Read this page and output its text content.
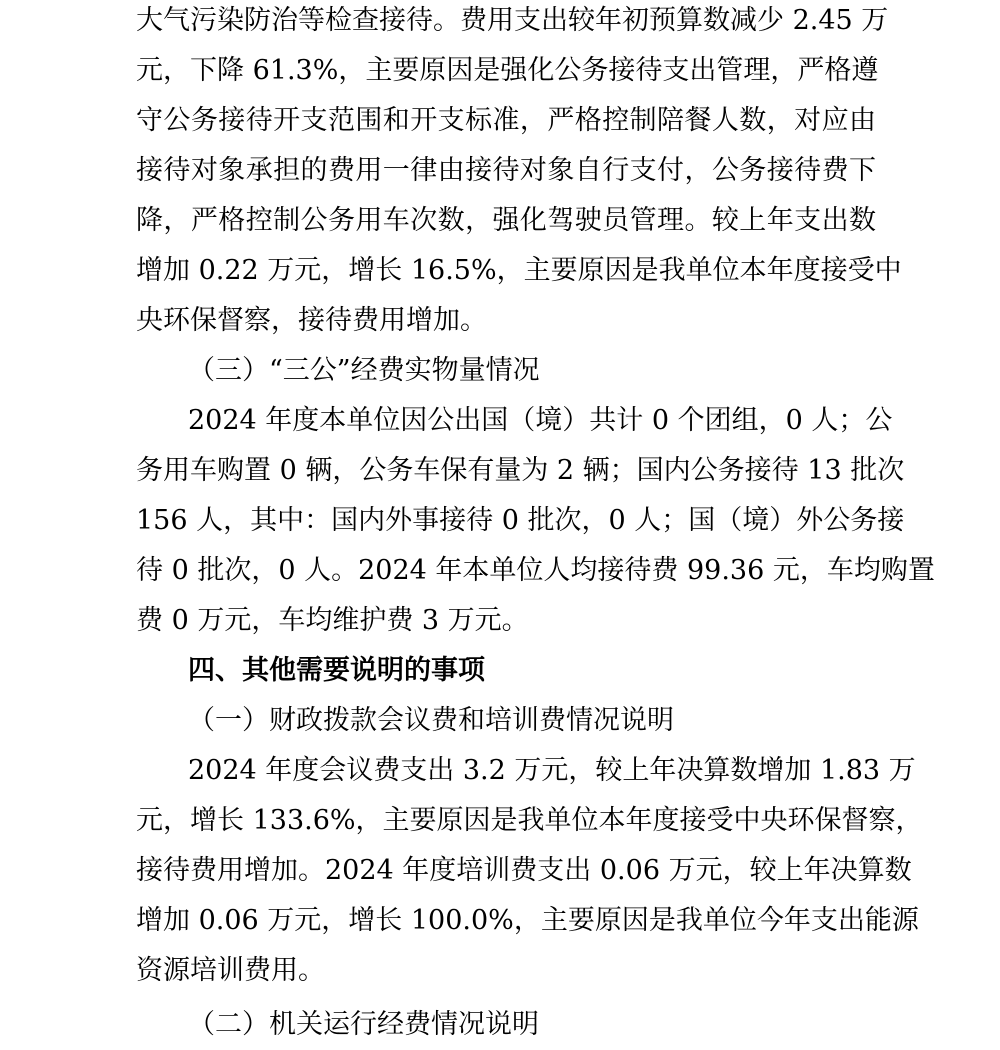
大气污染防治等检查接待。费用支出较年初预算数减少 2.45 万
元，下降 61.3%，主要原因是强化公务接待支出管理，严格遵
守公务接待开支范围和开支标准，严格控制陪餐人数，对应由
接待对象承担的费用一律由接待对象自行支付，公务接待费下
降，严格控制公务用车次数，强化驾驶员管理。较上年支出数
增加 0.22 万元，增长 16.5%，主要原因是我单位本年度接受中
央环保督察，接待费用增加。
（三）“三公”经费实物量情况
2024 年度本单位因公出国（境）共计 0 个团组，0 人；公
务用车购置 0 辆，公务车保有量为 2 辆；国内公务接待 13 批次
156 人，其中：国内外事接待 0 批次，0 人；国（境）外公务接
待 0 批次，0 人。2024 年本单位人均接待费 99.36 元，车均购置
费 0 万元，车均维护费 3 万元。
四、其他需要说明的事项
（一）财政拨款会议费和培训费情况说明
2024 年度会议费支出 3.2 万元，较上年决算数增加 1.83 万
元，增长 133.6%，主要原因是我单位本年度接受中央环保督察，
接待费用增加。2024 年度培训费支出 0.06 万元，较上年决算数
增加 0.06 万元，增长 100.0%，主要原因是我单位今年支出能源
资源培训费用。
（二）机关运行经费情况说明
